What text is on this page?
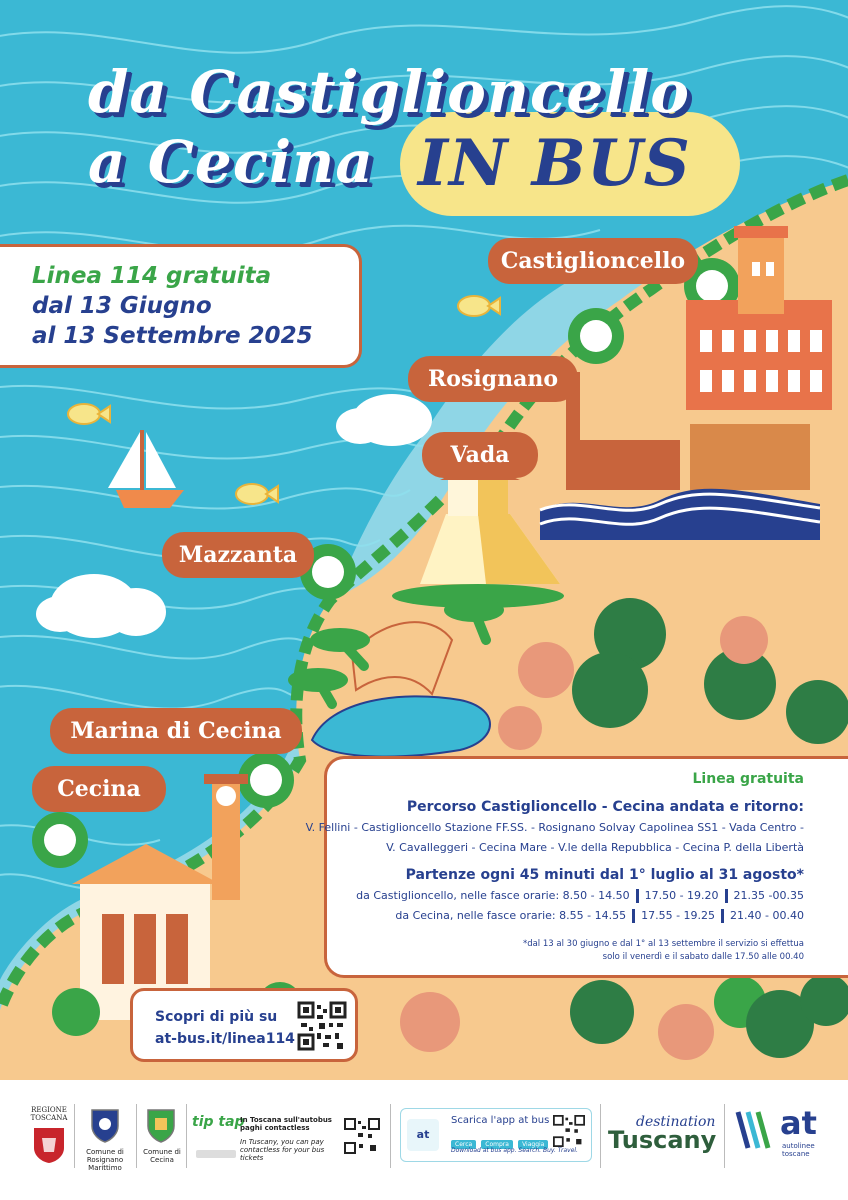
da Castiglioncello
a Cecina IN BUS
Linea 114 gratuita
dal 13 Giugno
al 13 Settembre 2025
Castiglioncello
Rosignano
Vada
Mazzanta
Marina di Cecina
Cecina	Linea gratuita
Percorso Castiglioncello - Cecina andata e ritorno:
V. Fellini - Castiglioncello Stazione FF.SS. - Rosignano Solvay Capolinea SS1 - Vada Centro -
V. Cavalleggeri - Cecina Mare - V.le della Repubblica - Cecina P. della Libertà
Partenze ogni 45 minuti dal 1° luglio al 31 agosto*
da Castiglioncello, nelle fasce orarie: 8.50 - 14.50 17.50 - 19.20 21.35 -00.35
da Cecina, nelle fasce orarie: 8.55 - 14.55 17.55 - 19.25 21.40 - 00.40
*dal 13 al 30 giugno e dal 1° al 13 settembre il servizio si effettua
solo il venerdì e il sabato dalle 17.50 alle 00.40
Scopri di più su
at-bus.it/linea114
REGIONE TOSCANA
Comune di Rosignano Marittimo
Comune di Cecina
tip tap
In Toscana sull'autobus paghi contactless
In Tuscany, you can pay contactless for your bus tickets
at
Scarica l'app at bus
Cerca Compra Viaggia
Download at bus app. Search. Buy. Travel.
destination
Tuscany at
autolinee toscane
